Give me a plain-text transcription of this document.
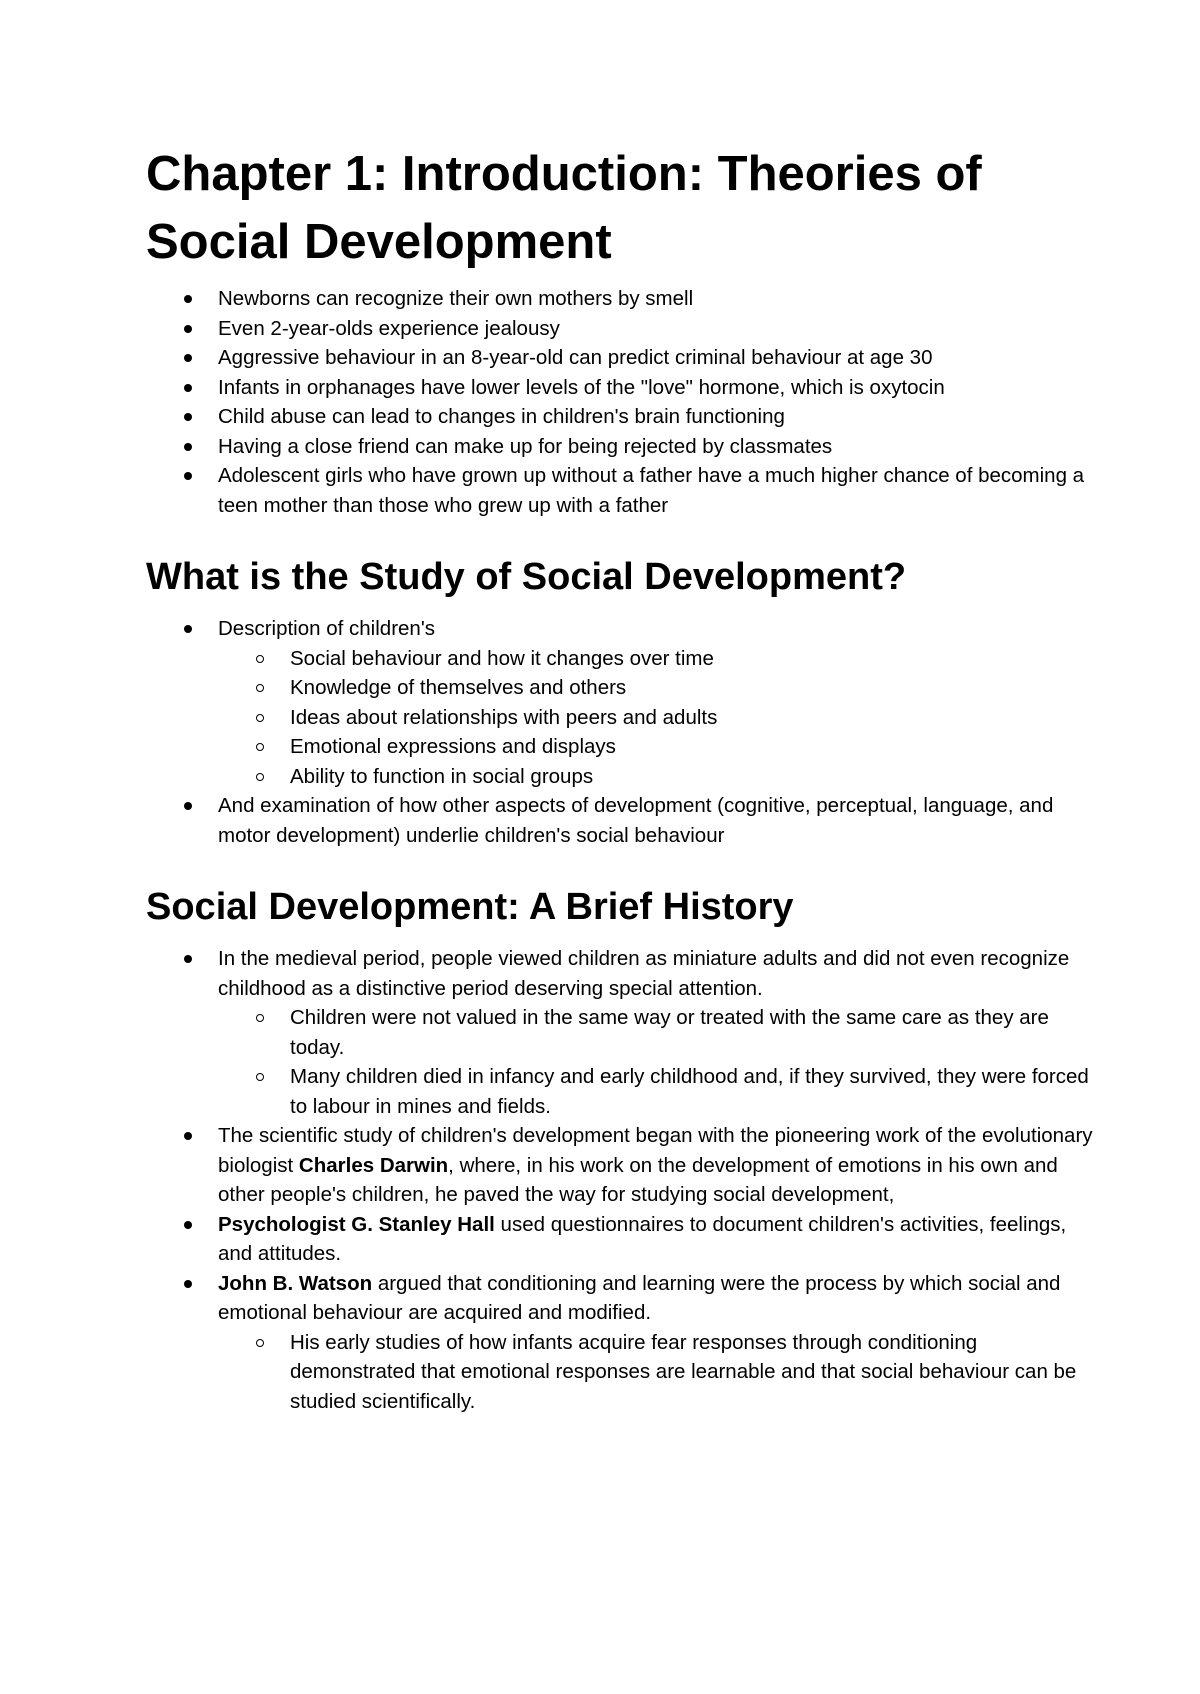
Chapter 1: Introduction: Theories of Social Development
Newborns can recognize their own mothers by smell
Even 2-year-olds experience jealousy
Aggressive behaviour in an 8-year-old can predict criminal behaviour at age 30
Infants in orphanages have lower levels of the "love" hormone, which is oxytocin
Child abuse can lead to changes in children's brain functioning
Having a close friend can make up for being rejected by classmates
Adolescent girls who have grown up without a father have a much higher chance of becoming a teen mother than those who grew up with a father
What is the Study of Social Development?
Description of children's
Social behaviour and how it changes over time
Knowledge of themselves and others
Ideas about relationships with peers and adults
Emotional expressions and displays
Ability to function in social groups
And examination of how other aspects of development (cognitive, perceptual, language, and motor development) underlie children's social behaviour
Social Development: A Brief History
In the medieval period, people viewed children as miniature adults and did not even recognize childhood as a distinctive period deserving special attention.
Children were not valued in the same way or treated with the same care as they are today.
Many children died in infancy and early childhood and, if they survived, they were forced to labour in mines and fields.
The scientific study of children's development began with the pioneering work of the evolutionary biologist Charles Darwin, where, in his work on the development of emotions in his own and other people's children, he paved the way for studying social development,
Psychologist G. Stanley Hall used questionnaires to document children's activities, feelings, and attitudes.
John B. Watson argued that conditioning and learning were the process by which social and emotional behaviour are acquired and modified.
His early studies of how infants acquire fear responses through conditioning demonstrated that emotional responses are learnable and that social behaviour can be studied scientifically.
